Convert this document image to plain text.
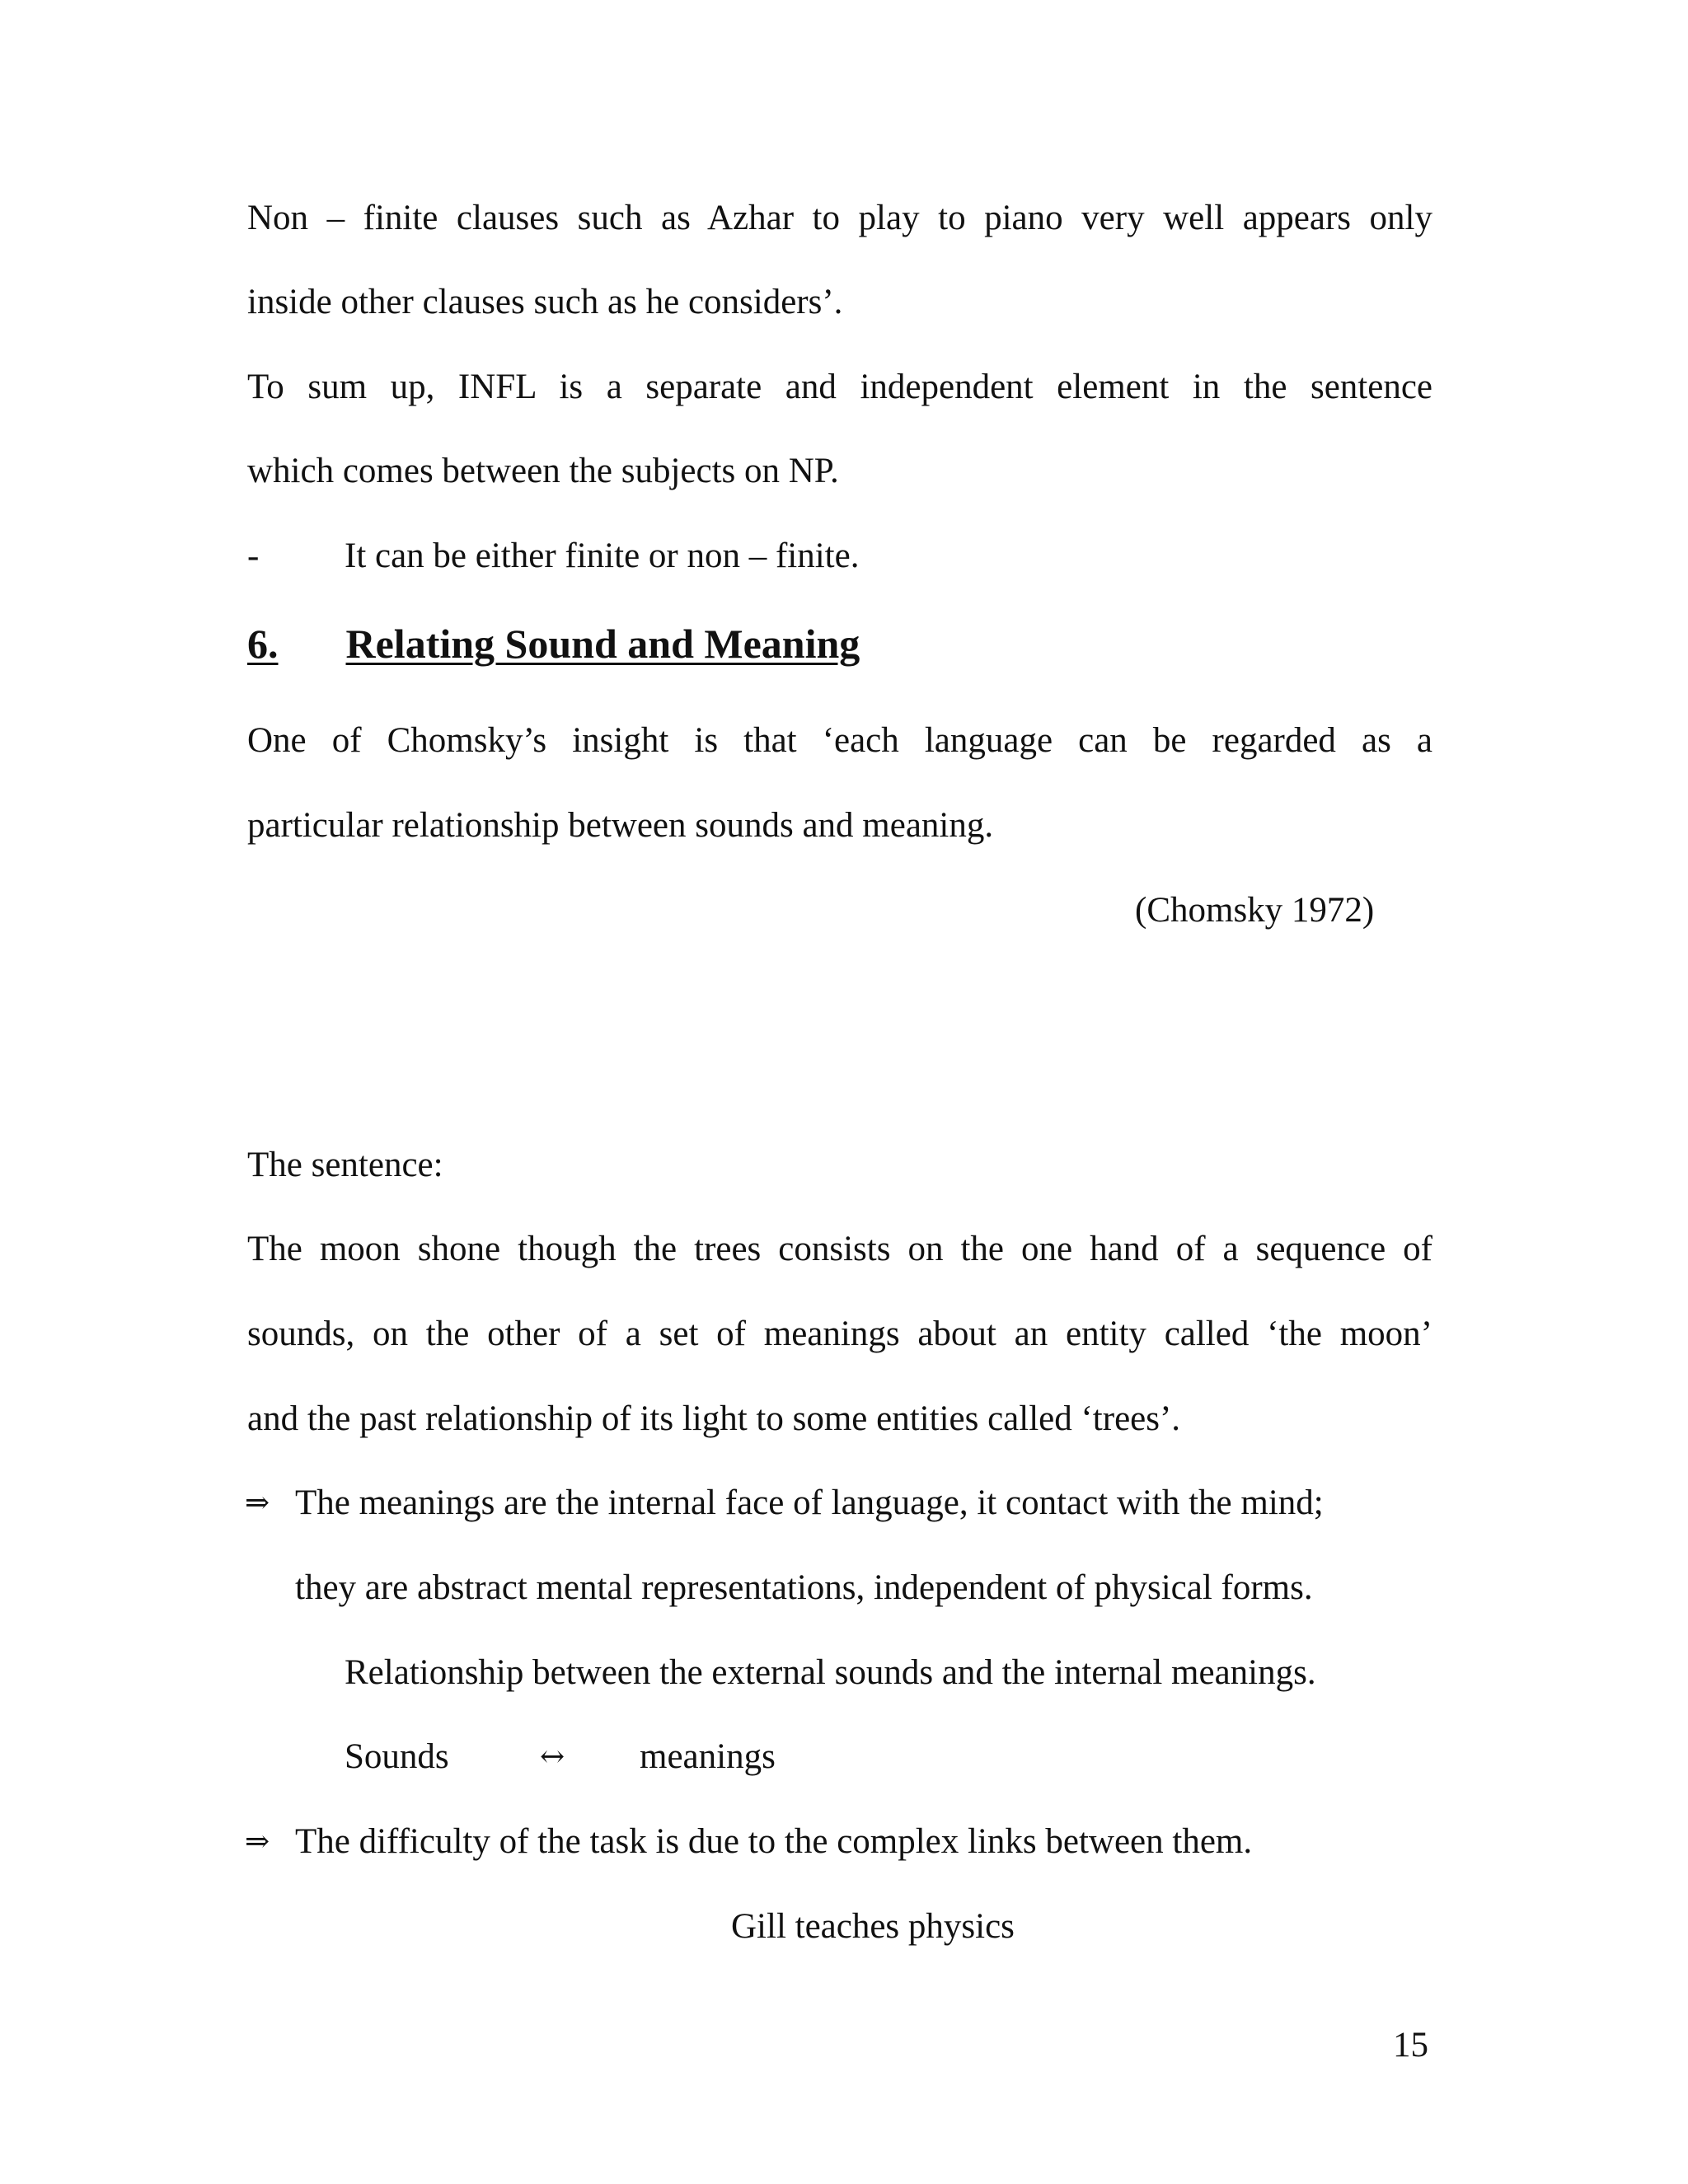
Non – finite clauses such as Azhar to play to piano very well appears only
inside other clauses such as he considers’.
To sum up, INFL is a separate and independent element in the sentence
which comes between the subjects on NP.
- It can be either finite or non – finite.
6. Relating Sound and Meaning
One of Chomsky’s insight is that ‘each language can be regarded as a
particular relationship between sounds and meaning.
(Chomsky 1972)
The sentence:
The moon shone though the trees consists on the one hand of a sequence of
sounds, on the other of a set of meanings about an entity called ‘the moon’
and the past relationship of its light to some entities called ‘trees’.
⇒ The meanings are the internal face of language, it contact with the mind;
they are abstract mental representations, independent of physical forms.
Relationship between the external sounds and the internal meanings.
Sounds	↔ meanings
⇒ The difficulty of the task is due to the complex links between them.
Gill teaches physics
15
